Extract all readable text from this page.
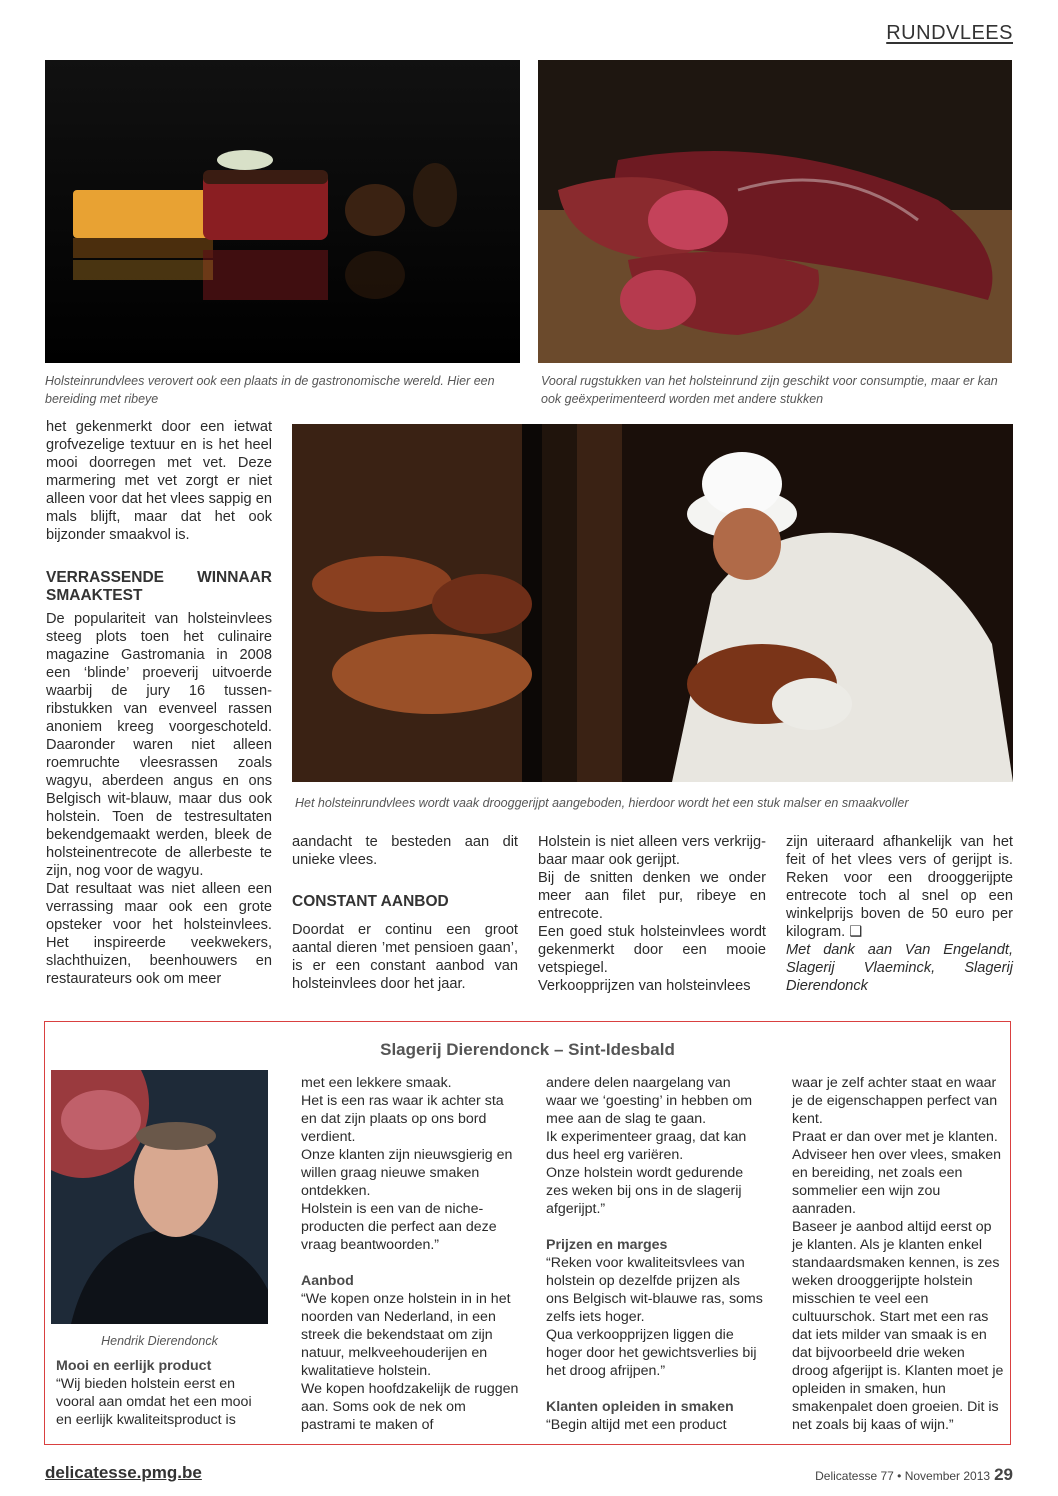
RUNDVLEES
Holsteinrundvlees verovert ook een plaats in de gastronomische wereld. Hier een bereiding met ribeye
Vooral rugstukken van het holsteinrund zijn geschikt voor consumptie, maar er kan ook geëxperimenteerd worden met andere stukken
Het holsteinrundvlees wordt vaak drooggerijpt aangeboden, hierdoor wordt het een stuk malser en smaakvoller

het gekenmerkt door een ietwat grofvezelige textuur en is het heel mooi doorregen met vet. Deze marmering met vet zorgt er niet alleen voor dat het vlees sappig en mals blijft, maar dat het ook bijzonder smaakvol is.

VERRASSENDE WINNAAR SMAAKTEST

De populariteit van holsteinvlees steeg plots toen het culinaire magazine Gastromania in 2008 een ‘blinde’ proeverij uitvoerde waarbij de jury 16 tussen-ribstukken van evenveel rassen anoniem kreeg voorgeschoteld. Daaronder waren niet alleen roemruchte vleesrassen zoals wagyu, aberdeen angus en ons Belgisch wit-blauw, maar dus ook holstein. Toen de testresultaten bekendgemaakt werden, bleek de holsteinentrecote de allerbeste te zijn, nog voor de wagyu.

Dat resultaat was niet alleen een verrassing maar ook een grote opsteker voor het holsteinvlees. Het inspireerde veekwekers, slachthuizen, beenhouwers en restaurateurs ook om meer

aandacht te besteden aan dit unieke vlees.

CONSTANT AANBOD

Doordat er continu een groot aantal dieren ’met pensioen gaan’, is er een constant aanbod van holsteinvlees door het jaar.

Holstein is niet alleen vers verkrijg-baar maar ook gerijpt.

Bij de snitten denken we onder meer aan filet pur, ribeye en entrecote.

Een goed stuk holsteinvlees wordt gekenmerkt door een mooie vetspiegel.

Verkoopprijzen van holsteinvlees

zijn uiteraard afhankelijk van het feit of het vlees vers of gerijpt is. Reken voor een drooggerijpte entrecote toch al snel op een winkelprijs boven de 50 euro per kilogram. ❑

Met dank aan Van Engelandt, Slagerij Vlaeminck, Slagerij Dierendonck

Slagerij Dierendonck – Sint-Idesbald
Hendrik Dierendonck
Mooi en eerlijk product

“Wij bieden holstein eerst en vooral aan omdat het een mooi en eerlijk kwaliteitsproduct is

met een lekkere smaak.

Het is een ras waar ik achter sta en dat zijn plaats op ons bord verdient.

Onze klanten zijn nieuwsgierig en willen graag nieuwe smaken ontdekken.

Holstein is een van de niche-producten die perfect aan deze vraag beantwoorden.”

Aanbod

“We kopen onze holstein in in het noorden van Nederland, in een streek die bekendstaat om zijn natuur, melkveehouderijen en kwalitatieve holstein.

We kopen hoofdzakelijk de ruggen aan. Soms ook de nek om pastrami te maken of

andere delen naargelang van waar we ‘goesting’ in hebben om mee aan de slag te gaan.

Ik experimenteer graag, dat kan dus heel erg variëren.

Onze holstein wordt gedurende zes weken bij ons in de slagerij afgerijpt.”

Prijzen en marges

“Reken voor kwaliteitsvlees van holstein op dezelfde prijzen als ons Belgisch wit-blauwe ras, soms zelfs iets hoger.

Qua verkoopprijzen liggen die hoger door het gewichtsverlies bij het droog afrijpen.”

Klanten opleiden in smaken

“Begin altijd met een product

waar je zelf achter staat en waar je de eigenschappen perfect van kent.

Praat er dan over met je klanten. Adviseer hen over vlees, smaken en bereiding, net zoals een sommelier een wijn zou aanraden.

Baseer je aanbod altijd eerst op je klanten. Als je klanten enkel standaardsmaken kennen, is zes weken drooggerijpte holstein misschien te veel een cultuurschok. Start met een ras dat iets milder van smaak is en dat bijvoorbeeld drie weken droog afgerijpt is. Klanten moet je opleiden in smaken, hun smakenpalet doen groeien. Dit is net zoals bij kaas of wijn.”

delicatesse.pmg.be	Delicatesse 77 • November 2013 29
